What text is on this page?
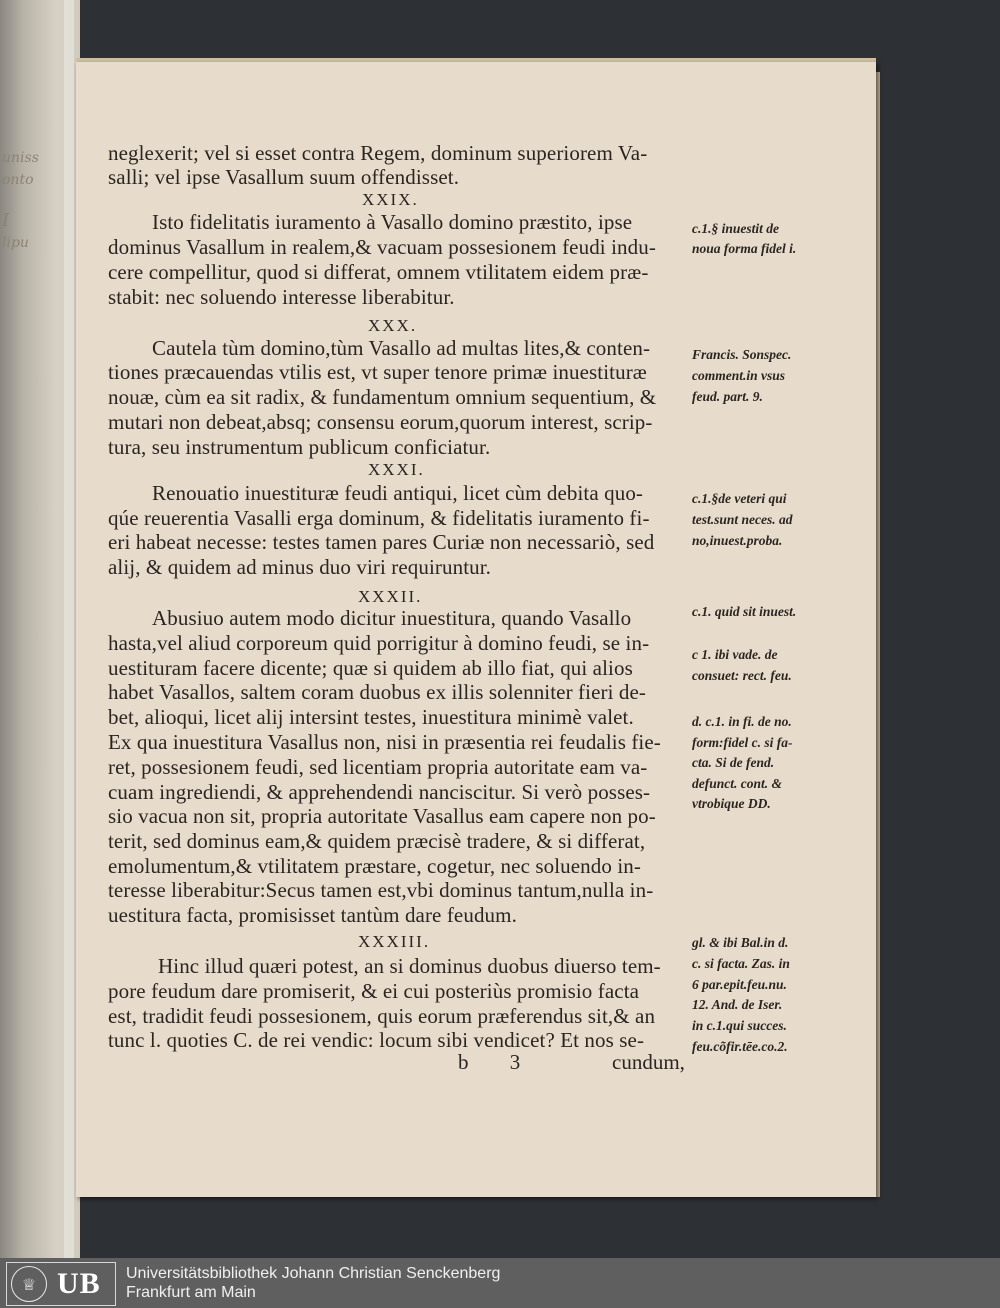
uniss
onto
I
lipu
neglexerit; vel si esset contra Regem, dominum superiorem Va-
salli; vel ipse Vasallum suum offendisset.
XXIX.
Isto fidelitatis iuramento à Vasallo domino præstito, ipse
dominus Vasallum in realem,& vacuam possesionem feudi indu-
cere compellitur, quod si differat, omnem vtilitatem eidem præ-
stabit: nec soluendo interesse liberabitur.
XXX.
Cautela tùm domino,tùm Vasallo ad multas lites,& conten-
tiones præcauendas vtilis est, vt super tenore primæ inuestituræ
nouæ, cùm ea sit radix, & fundamentum omnium sequentium, &
mutari non debeat,absq; consensu eorum,quorum interest, scrip-
tura, seu instrumentum publicum conficiatur.
XXXI.
Renouatio inuestituræ feudi antiqui, licet cùm debita quo-
qúe reuerentia Vasalli erga dominum, & fidelitatis iuramento fi-
eri habeat necesse: testes tamen pares Curiæ non necessariò, sed
alij, & quidem ad minus duo viri requiruntur.
XXXII.
Abusiuo autem modo dicitur inuestitura, quando Vasallo
hasta,vel aliud corporeum quid porrigitur à domino feudi, se in-
uestituram facere dicente; quæ si quidem ab illo fiat, qui alios
habet Vasallos, saltem coram duobus ex illis solenniter fieri de-
bet, alioqui, licet alij intersint testes, inuestitura minimè valet.
Ex qua inuestitura Vasallus non, nisi in præsentia rei feudalis fie-
ret, possesionem feudi, sed licentiam propria autoritate eam va-
cuam ingrediendi, & apprehendendi nanciscitur. Si verò posses-
sio vacua non sit, propria autoritate Vasallus eam capere non po-
terit, sed dominus eam,& quidem præcisè tradere, & si differat,
emolumentum,& vtilitatem præstare, cogetur, nec soluendo in-
teresse liberabitur:Secus tamen est,vbi dominus tantum,nulla in-
uestitura facta, promisisset tantùm dare feudum.
XXXIII.
Hinc illud quæri potest, an si dominus duobus diuerso tem-
pore feudum dare promiserit, & ei cui posteriùs promisio facta
est, tradidit feudi possesionem, quis eorum præferendus sit,& an
tunc l. quoties C. de rei vendic: locum sibi vendicet? Et nos se-
c.1.§ inuestit de
noua forma fidel i.
Francis. Sonspec.
comment.in vsus
feud. part. 9.
c.1.§de veteri qui
test.sunt neces. ad
no,inuest.proba.
c.1. quid sit inuest.
c 1. ibi vade. de
consuet: rect. feu.
d. c.1. in fi. de no.
form:fidel c. si fa-
cta. Si de fend.
defunct. cont. &
vtrobique DD.
gl. & ibi Bal.in d.
c. si facta. Zas. in
6 par.epit.feu.nu.
12. And. de Iser.
in c.1.qui succes.
feu.cõfir.tēe.co.2.
b 3	cundum,
♕ UB Universitätsbibliothek Johann Christian Senckenberg
Frankfurt am Main
